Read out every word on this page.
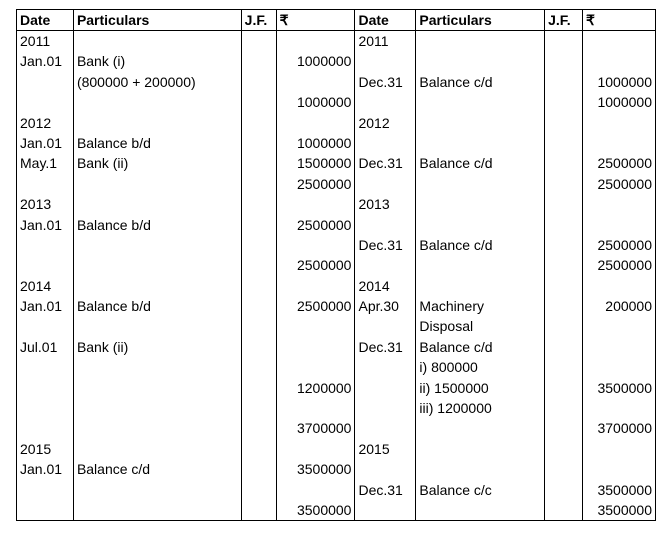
Date	Particulars	J.F.	₹	Date	Particulars	J.F.	₹
2011				2011			
Jan.01	Bank (i)		1000000				
	(800000 + 200000)			Dec.31	Balance c/d		1000000
			1000000				1000000
2012				2012			
Jan.01	Balance b/d		1000000				
May.1	Bank (ii)		1500000	Dec.31	Balance c/d		2500000
			2500000				2500000
2013				2013			
Jan.01	Balance b/d		2500000				
				Dec.31	Balance c/d		2500000
			2500000				2500000
2014				2014			
Jan.01	Balance b/d		2500000	Apr.30	Machinery		200000
					Disposal		
Jul.01	Bank (ii)			Dec.31	Balance c/d		
					i) 800000		
			1200000		ii) 1500000		3500000
					iii) 1200000		
			3700000				3700000
2015				2015			
Jan.01	Balance c/d		3500000				
				Dec.31	Balance c/c		3500000
			3500000				3500000
